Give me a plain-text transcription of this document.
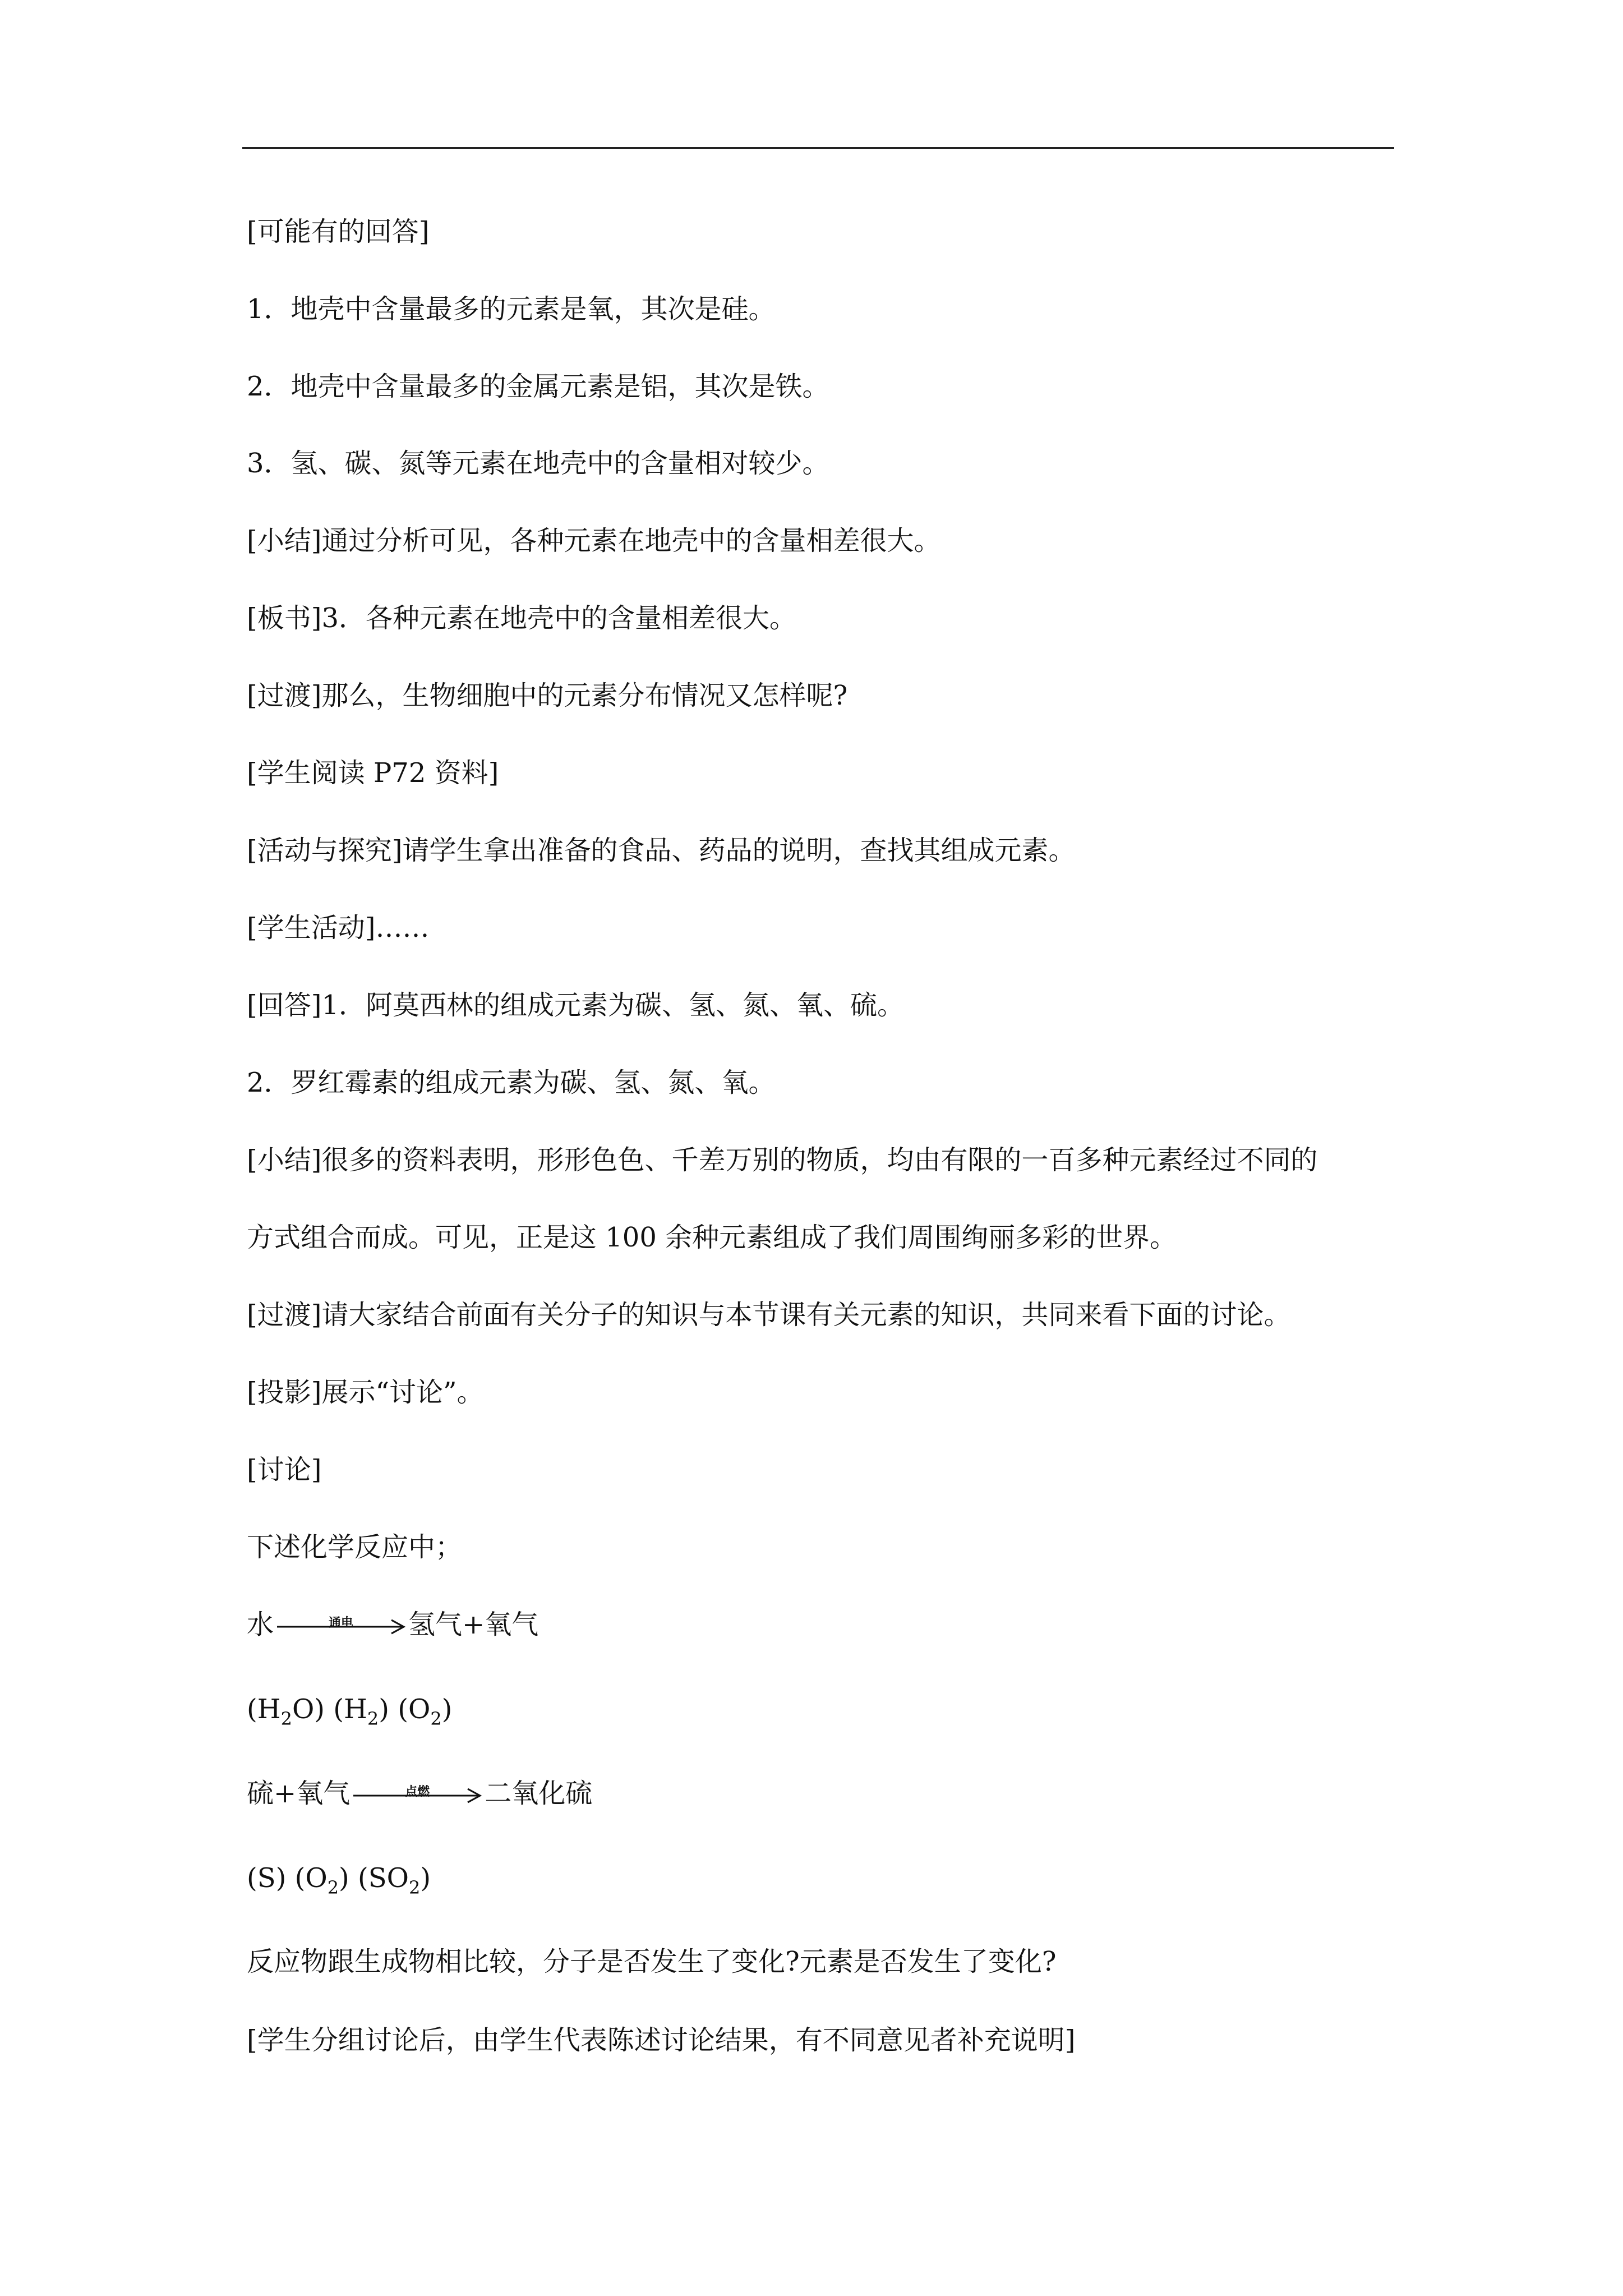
[可能有的回答]
1．地壳中含量最多的元素是氧，其次是硅。
2．地壳中含量最多的金属元素是铝，其次是铁。
3．氢、碳、氮等元素在地壳中的含量相对较少。
[小结]通过分析可见，各种元素在地壳中的含量相差很大。
[板书]3．各种元素在地壳中的含量相差很大。
[过渡]那么，生物细胞中的元素分布情况又怎样呢?
[学生阅读 P72 资料]
[活动与探究]请学生拿出准备的食品、药品的说明，查找其组成元素。
[学生活动]……
[回答]1．阿莫西林的组成元素为碳、氢、氮、氧、硫。
2．罗红霉素的组成元素为碳、氢、氮、氧。
[小结]很多的资料表明，形形色色、千差万别的物质，均由有限的一百多种元素经过不同的
方式组合而成。可见，正是这 100 余种元素组成了我们周围绚丽多彩的世界。
[过渡]请大家结合前面有关分子的知识与本节课有关元素的知识，共同来看下面的讨论。
[投影]展示“讨论”。
[讨论]
下述化学反应中；
水	通电	氢气+氧气
$(H_2O)$ $(H_2)$ $(O_2)$
硫+氧气	点燃	二氧化硫
(S) $(O_2)$ $(SO_2)$
反应物跟生成物相比较，分子是否发生了变化?元素是否发生了变化?
[学生分组讨论后，由学生代表陈述讨论结果，有不同意见者补充说明]
